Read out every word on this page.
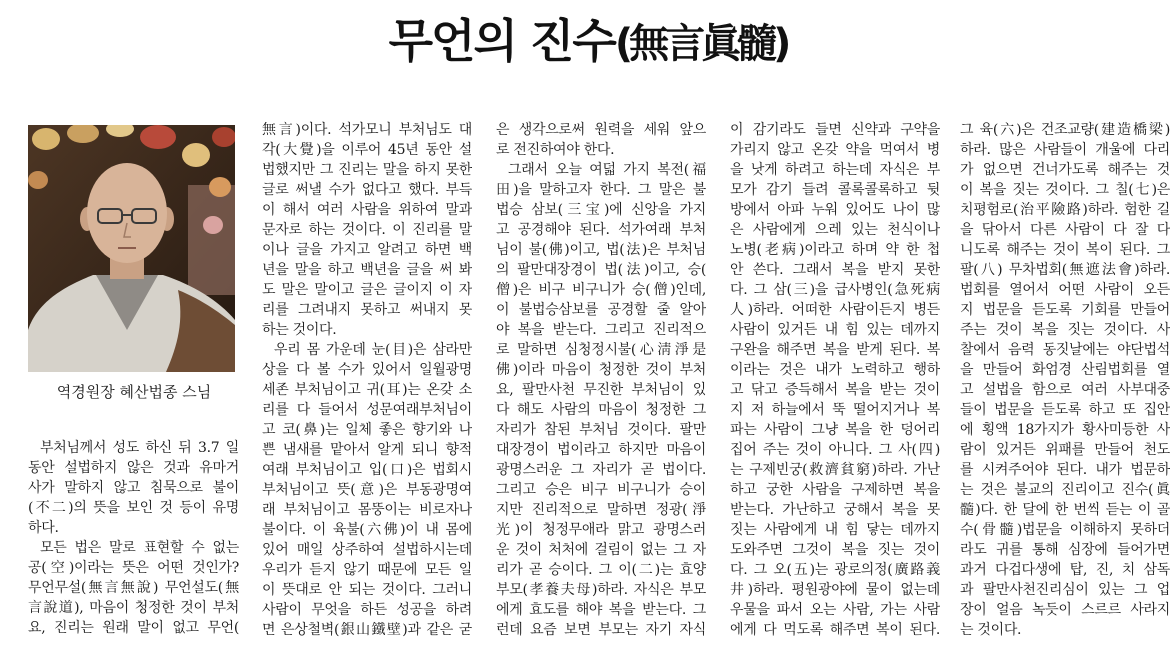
무언의 진수(無言眞髓)
역경원장 혜산법종 스님
부처님께서 성도 하신 뒤 3.7 일
동안 설법하지 않은 것과 유마거
사가 말하지 않고 침묵으로 불이
(不二)의 뜻을 보인 것 등이 유명
하다.
모든 법은 말로 표현할 수 없는
공(空)이라는 뜻은 어떤 것인가?
무언무설(無言無說) 무언설도(無
言說道), 마음이 청정한 것이 부처
요, 진리는 원래 말이 없고 무언(
無言)이다. 석가모니 부처님도 대
각(大覺)을 이루어 45년 동안 설
법했지만 그 진리는 말을 하지 못한
글로 써낼 수가 없다고 했다. 부득
이 해서 여러 사람을 위하여 말과
문자로 하는 것이다. 이 진리를 말
이나 글을 가지고 알려고 하면 백
년을 말을 하고 백년을 글을 써 봐
도 말은 말이고 글은 글이지 이 자
리를 그려내지 못하고 써내지 못
하는 것이다.
우리 몸 가운데 눈(目)은 삼라만
상을 다 볼 수가 있어서 일월광명
세존 부처님이고 귀(耳)는 온갖 소
리를 다 들어서 성문여래부처님이
고 코(鼻)는 일체 좋은 향기와 나
쁜 냄새를 맡아서 알게 되니 향적
여래 부처님이고 입(口)은 법회시
부처님이고 뜻(意)은 부동광명여
래 부처님이고 몸뚱이는 비로자나
불이다. 이 육불(六佛)이 내 몸에
있어 매일 상주하여 설법하시는데
우리가 듣지 않기 때문에 모든 일
이 뜻대로 안 되는 것이다. 그러니
사람이 무엇을 하든 성공을 하려
면 은상철벽(銀山鐵壁)과 같은 굳
은 생각으로써 원력을 세워 앞으
로 전진하여야 한다.
그래서 오늘 여덟 가지 복전(福
田)을 말하고자 한다. 그 말은 불
법승 삼보(三宝)에 신앙을 가지
고 공경해야 된다. 석가여래 부처
님이 불(佛)이고, 법(法)은 부처님
의 팔만대장경이 법(法)이고, 승(
僧)은 비구 비구니가 승(僧)인데,
이 불법승삼보를 공경할 줄 알아
야 복을 받는다. 그리고 진리적으
로 말하면 심청정시불(心淸淨是
佛)이라 마음이 청정한 것이 부처
요, 팔만사천 무진한 부처님이 있
다 해도 사람의 마음이 청정한 그
자리가 참된 부처님 것이다. 팔만
대장경이 법이라고 하지만 마음이
광명스러운 그 자리가 곧 법이다.
그리고 승은 비구 비구니가 승이
지만 진리적으로 말하면 정광(淨
光)이 청정무애라 맑고 광명스러
운 것이 처처에 걸림이 없는 그 자
리가 곧 승이다. 그 이(二)는 효양
부모(孝養夫母)하라. 자식은 부모
에게 효도를 해야 복을 받는다. 그
런데 요즘 보면 부모는 자기 자식
이 감기라도 들면 신약과 구약을
가리지 않고 온갖 약을 먹여서 병
을 낫게 하려고 하는데 자식은 부
모가 감기 들려 콜록콜록하고 뒷
방에서 아파 누워 있어도 나이 많
은 사람에게 으레 있는 천식이나
노병(老病)이라고 하며 약 한 첩
안 쓴다. 그래서 복을 받지 못한
다. 그 삼(三)을 급사병인(急死病
人)하라. 어떠한 사람이든지 병든
사람이 있거든 내 힘 있는 데까지
구완을 해주면 복을 받게 된다. 복
이라는 것은 내가 노력하고 행하
고 닦고 증득해서 복을 받는 것이
지 저 하늘에서 뚝 떨어지거나 복
파는 사람이 그냥 복을 한 덩어리
집어 주는 것이 아니다. 그 사(四)
는 구제빈궁(救濟貧窮)하라. 가난
하고 궁한 사람을 구제하면 복을
받는다. 가난하고 궁해서 복을 못
짓는 사람에게 내 힘 닿는 데까지
도와주면 그것이 복을 짓는 것이
다. 그 오(五)는 광로의정(廣路義
井)하라. 평원광야에 물이 없는데
우물을 파서 오는 사람, 가는 사람
에게 다 먹도록 해주면 복이 된다.
그 육(六)은 건조교량(建造橋梁)
하라. 많은 사람들이 개울에 다리
가 없으면 건너가도록 해주는 것
이 복을 짓는 것이다. 그 칠(七)은
치평험로(治平險路)하라. 험한 길
을 닦아서 다른 사람이 다 잘 다
니도록 해주는 것이 복이 된다. 그
팔(八) 무차법회(無遮法會)하라.
법회를 열어서 어떤 사람이 오든
지 법문을 듣도록 기회를 만들어
주는 것이 복을 짓는 것이다. 사
찰에서 음력 동짓날에는 야단법석
을 만들어 화엄경 산림법회를 열
고 설법을 함으로 여러 사부대중
들이 법문을 듣도록 하고 또 집안
에 횡액 18가지가 황사미등한 사
람이 있거든 위패를 만들어 천도
를 시켜주어야 된다. 내가 법문하
는 것은 불교의 진리이고 진수(眞
髓)다. 한 달에 한 번씩 듣는 이 골
수(骨髓)법문을 이해하지 못하더
라도 귀를 통해 심장에 들어가면
과거 다겁다생에 탑, 진, 치 삼독
과 팔만사천진리심이 있는 그 업
장이 얼음 녹듯이 스르르 사라지
는 것이다.
